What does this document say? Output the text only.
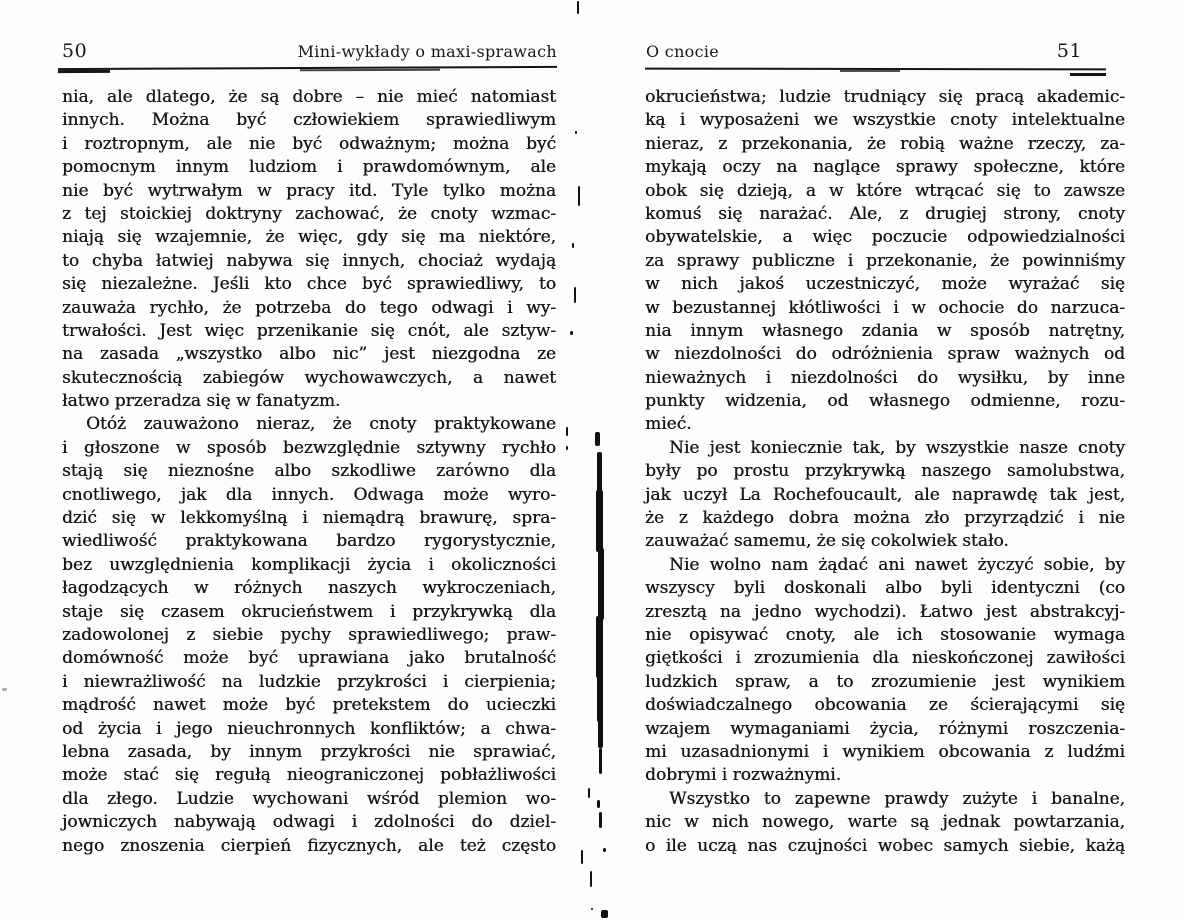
50	Mini-wykłady o maxi-sprawach	O cnocie	51
nia, ale dlatego, że są dobre – nie mieć natomiast
innych. Można być człowiekiem sprawiedliwym
i roztropnym, ale nie być odważnym; można być
pomocnym innym ludziom i prawdomównym, ale
nie być wytrwałym w pracy itd. Tyle tylko można
z tej stoickiej doktryny zachować, że cnoty wzmac-
niają się wzajemnie, że więc, gdy się ma niektóre,
to chyba łatwiej nabywa się innych, chociaż wydają
się niezależne. Jeśli kto chce być sprawiedliwy, to
zauważa rychło, że potrzeba do tego odwagi i wy-
trwałości. Jest więc przenikanie się cnót, ale sztyw-
na zasada „wszystko albo nic” jest niezgodna ze
skutecznością zabiegów wychowawczych, a nawet
łatwo przeradza się w fanatyzm.
Otóż zauważono nieraz, że cnoty praktykowane
i głoszone w sposób bezwzględnie sztywny rychło
stają się nieznośne albo szkodliwe zarówno dla
cnotliwego, jak dla innych. Odwaga może wyro-
dzić się w lekkomyślną i niemądrą brawurę, spra-
wiedliwość praktykowana bardzo rygorystycznie,
bez uwzględnienia komplikacji życia i okoliczności
łagodzących w różnych naszych wykroczeniach,
staje się czasem okrucieństwem i przykrywką dla
zadowolonej z siebie pychy sprawiedliwego; praw-
domówność może być uprawiana jako brutalność
i niewrażliwość na ludzkie przykrości i cierpienia;
mądrość nawet może być pretekstem do ucieczki
od życia i jego nieuchronnych konfliktów; a chwa-
lebna zasada, by innym przykrości nie sprawiać,
może stać się regułą nieograniczonej pobłażliwości
dla złego. Ludzie wychowani wśród plemion wo-
jowniczych nabywają odwagi i zdolności do dziel-
nego znoszenia cierpień fizycznych, ale też często
okrucieństwa; ludzie trudniący się pracą akademic-
ką i wyposażeni we wszystkie cnoty intelektualne
nieraz, z przekonania, że robią ważne rzeczy, za-
mykają oczy na naglące sprawy społeczne, które
obok się dzieją, a w które wtrącać się to zawsze
komuś się narażać. Ale, z drugiej strony, cnoty
obywatelskie, a więc poczucie odpowiedzialności
za sprawy publiczne i przekonanie, że powinniśmy
w nich jakoś uczestniczyć, może wyrażać się
w bezustannej kłótliwości i w ochocie do narzuca-
nia innym własnego zdania w sposób natrętny,
w niezdolności do odróżnienia spraw ważnych od
nieważnych i niezdolności do wysiłku, by inne
punkty widzenia, od własnego odmienne, rozu-
mieć.
Nie jest koniecznie tak, by wszystkie nasze cnoty
były po prostu przykrywką naszego samolubstwa,
jak uczył La Rochefoucault, ale naprawdę tak jest,
że z każdego dobra można zło przyrządzić i nie
zauważać samemu, że się cokolwiek stało.
Nie wolno nam żądać ani nawet życzyć sobie, by
wszyscy byli doskonali albo byli identyczni (co
zresztą na jedno wychodzi). Łatwo jest abstrakcyj-
nie opisywać cnoty, ale ich stosowanie wymaga
giętkości i zrozumienia dla nieskończonej zawiłości
ludzkich spraw, a to zrozumienie jest wynikiem
doświadczalnego obcowania ze ścierającymi się
wzajem wymaganiami życia, różnymi roszczenia-
mi uzasadnionymi i wynikiem obcowania z ludźmi
dobrymi i rozważnymi.
Wszystko to zapewne prawdy zużyte i banalne,
nic w nich nowego, warte są jednak powtarzania,
o ile uczą nas czujności wobec samych siebie, każą
